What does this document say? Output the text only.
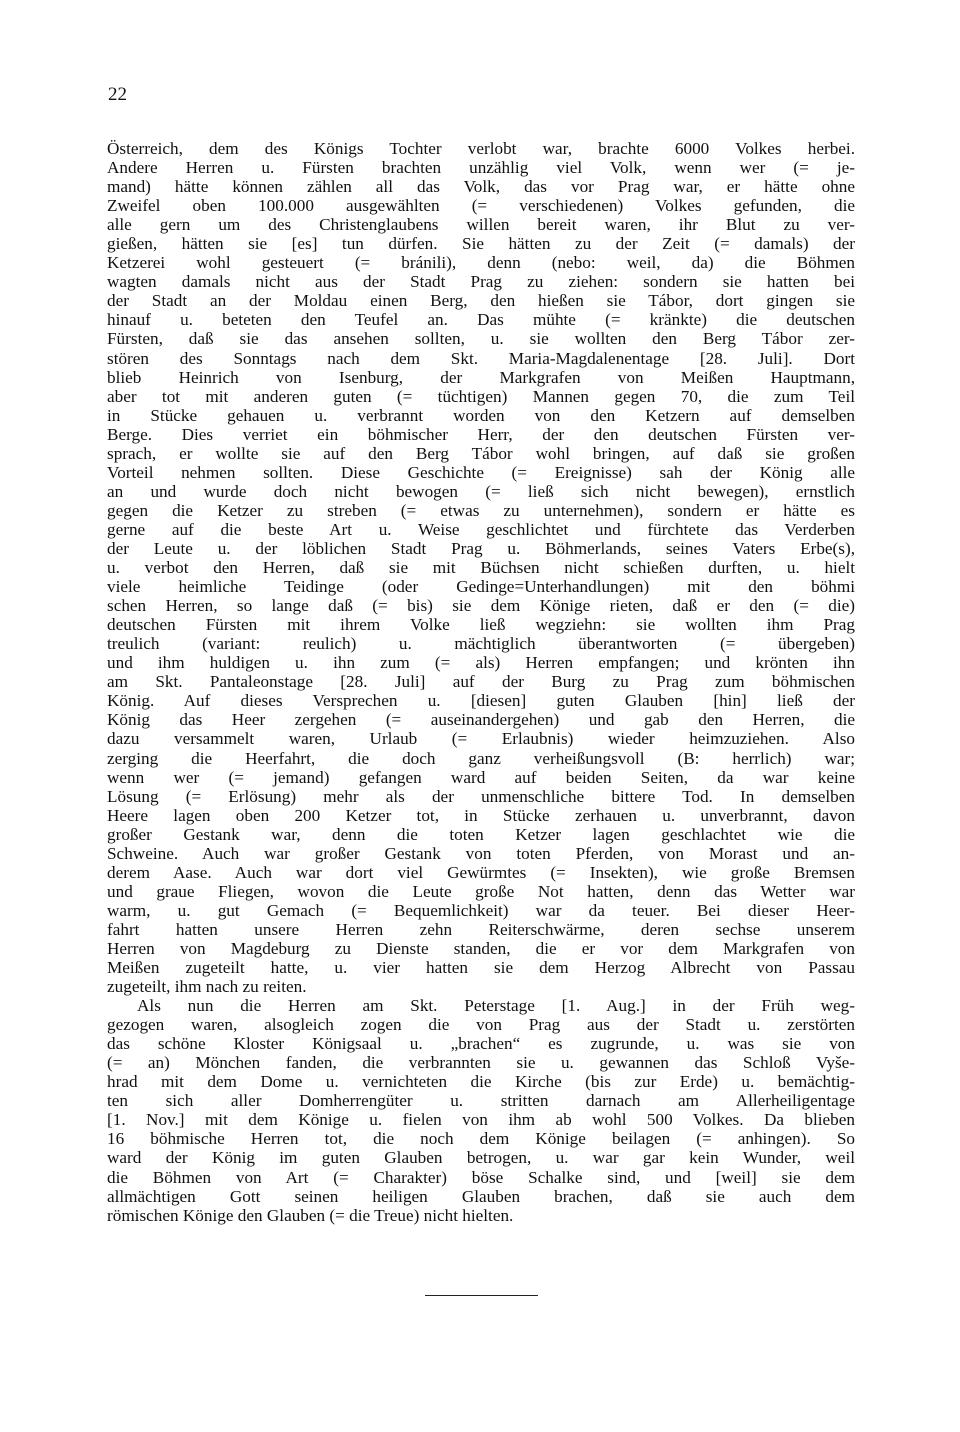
22
Österreich, dem des Königs Tochter verlobt war, brachte 6000 Volkes herbei.
Andere Herren u. Fürsten brachten unzählig viel Volk, wenn wer (= je-
mand) hätte können zählen all das Volk, das vor Prag war, er hätte ohne
Zweifel oben 100.000 ausgewählten (= verschiedenen) Volkes gefunden, die
alle gern um des Christenglaubens willen bereit waren, ihr Blut zu ver-
gießen, hätten sie [es] tun dürfen. Sie hätten zu der Zeit (= damals) der
Ketzerei wohl gesteuert (= bránili), denn (nebo: weil, da) die Böhmen
wagten damals nicht aus der Stadt Prag zu ziehen: sondern sie hatten bei
der Stadt an der Moldau einen Berg, den hießen sie Tábor, dort gingen sie
hinauf u. beteten den Teufel an. Das mühte (= kränkte) die deutschen
Fürsten, daß sie das ansehen sollten, u. sie wollten den Berg Tábor zer-
stören des Sonntags nach dem Skt. Maria-Magdalenentage [28. Juli]. Dort
blieb Heinrich von Isenburg, der Markgrafen von Meißen Hauptmann,
aber tot mit anderen guten (= tüchtigen) Mannen gegen 70, die zum Teil
in Stücke gehauen u. verbrannt worden von den Ketzern auf demselben
Berge. Dies verriet ein böhmischer Herr, der den deutschen Fürsten ver-
sprach, er wollte sie auf den Berg Tábor wohl bringen, auf daß sie großen
Vorteil nehmen sollten. Diese Geschichte (= Ereignisse) sah der König alle
an und wurde doch nicht bewogen (= ließ sich nicht bewegen), ernstlich
gegen die Ketzer zu streben (= etwas zu unternehmen), sondern er hätte es
gerne auf die beste Art u. Weise geschlichtet und fürchtete das Verderben
der Leute u. der löblichen Stadt Prag u. Böhmerlands, seines Vaters Erbe(s),
u. verbot den Herren, daß sie mit Büchsen nicht schießen durften, u. hielt
viele heimliche Teidinge (oder Gedinge=Unterhandlungen) mit den böhmi
schen Herren, so lange daß (= bis) sie dem Könige rieten, daß er den (= die)
deutschen Fürsten mit ihrem Volke ließ wegziehn: sie wollten ihm Prag
treulich (variant: reulich) u. mächtiglich überantworten (= übergeben)
und ihm huldigen u. ihn zum (= als) Herren empfangen; und krönten ihn
am Skt. Pantaleonstage [28. Juli] auf der Burg zu Prag zum böhmischen
König. Auf dieses Versprechen u. [diesen] guten Glauben [hin] ließ der
König das Heer zergehen (= auseinandergehen) und gab den Herren, die
dazu versammelt waren, Urlaub (= Erlaubnis) wieder heimzuziehen. Also
zerging die Heerfahrt, die doch ganz verheißungsvoll (B: herrlich) war;
wenn wer (= jemand) gefangen ward auf beiden Seiten, da war keine
Lösung (= Erlösung) mehr als der unmenschliche bittere Tod. In demselben
Heere lagen oben 200 Ketzer tot, in Stücke zerhauen u. unverbrannt, davon
großer Gestank war, denn die toten Ketzer lagen geschlachtet wie die
Schweine. Auch war großer Gestank von toten Pferden, von Morast und an-
derem Aase. Auch war dort viel Gewürmtes (= Insekten), wie große Bremsen
und graue Fliegen, wovon die Leute große Not hatten, denn das Wetter war
warm, u. gut Gemach (= Bequemlichkeit) war da teuer. Bei dieser Heer-
fahrt hatten unsere Herren zehn Reiterschwärme, deren sechse unserem
Herren von Magdeburg zu Dienste standen, die er vor dem Markgrafen von
Meißen zugeteilt hatte, u. vier hatten sie dem Herzog Albrecht von Passau
zugeteilt, ihm nach zu reiten.
Als nun die Herren am Skt. Peterstage [1. Aug.] in der Früh weg-
gezogen waren, alsogleich zogen die von Prag aus der Stadt u. zerstörten
das schöne Kloster Königsaal u. „brachen“ es zugrunde, u. was sie von
(= an) Mönchen fanden, die verbrannten sie u. gewannen das Schloß Vyše-
hrad mit dem Dome u. vernichteten die Kirche (bis zur Erde) u. bemächtig-
ten sich aller Domherrengüter u. stritten darnach am Allerheiligentage
[1. Nov.] mit dem Könige u. fielen von ihm ab wohl 500 Volkes. Da blieben
16 böhmische Herren tot, die noch dem Könige beilagen (= anhingen). So
ward der König im guten Glauben betrogen, u. war gar kein Wunder, weil
die Böhmen von Art (= Charakter) böse Schalke sind, und [weil] sie dem
allmächtigen Gott seinen heiligen Glauben brachen, daß sie auch dem
römischen Könige den Glauben (= die Treue) nicht hielten.
